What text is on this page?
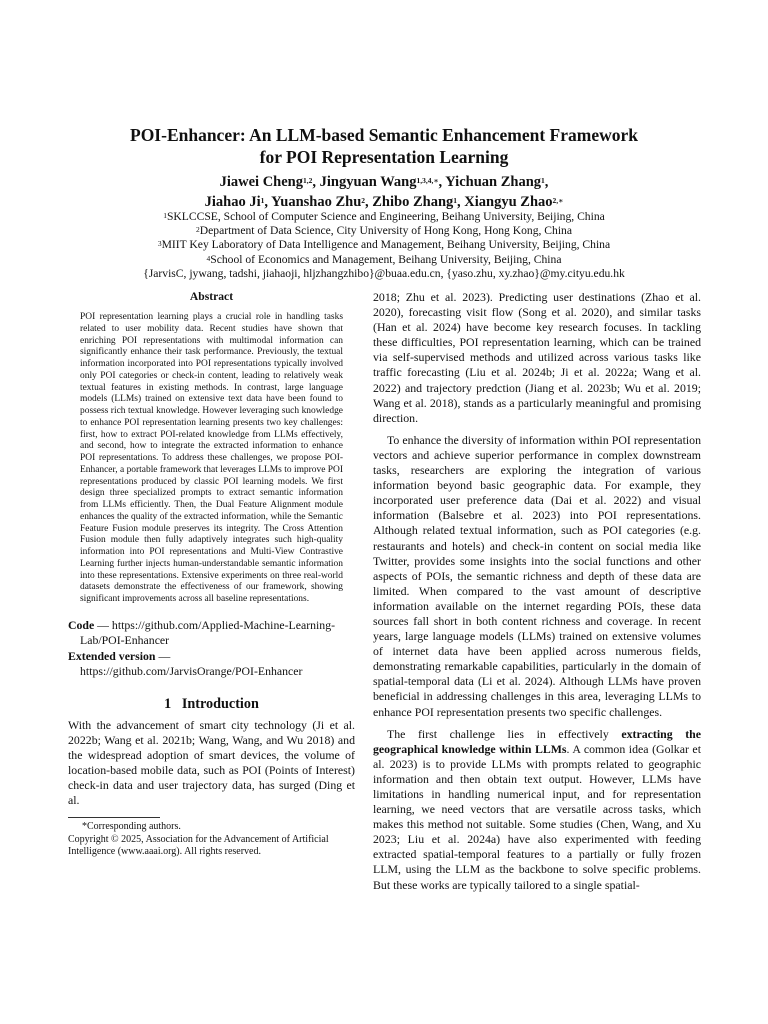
POI-Enhancer: An LLM-based Semantic Enhancement Framework
for POI Representation Learning
Jiawei Cheng$^{1,2}$, Jingyuan Wang$^{1,3,4,∗}$, Yichuan Zhang$^1$,
Jiahao Ji$^1$, Yuanshao Zhu$^2$, Zhibo Zhang$^1$, Xiangyu Zhao$^{2,∗}$
$^1$SKLCCSE, School of Computer Science and Engineering, Beihang University, Beijing, China
$^2$Department of Data Science, City University of Hong Kong, Hong Kong, China
$^3$MIIT Key Laboratory of Data Intelligence and Management, Beihang University, Beijing, China
$^4$School of Economics and Management, Beihang University, Beijing, China
{JarvisC, jywang, tadshi, jiahaoji, hljzhangzhibo}@buaa.edu.cn, {yaso.zhu, xy.zhao}@my.cityu.edu.hk
Abstract

POI representation learning plays a crucial role in handling tasks related to user mobility data. Recent studies have shown that enriching POI representations with multimodal information can significantly enhance their task performance. Previously, the textual information incorporated into POI representations typically involved only POI categories or check-in content, leading to relatively weak textual features in existing methods. In contrast, large language models (LLMs) trained on extensive text data have been found to possess rich textual knowledge. However leveraging such knowledge to enhance POI representation learning presents two key challenges: first, how to extract POI-related knowledge from LLMs effectively, and second, how to integrate the extracted information to enhance POI representations. To address these challenges, we propose POI-Enhancer, a portable framework that leverages LLMs to improve POI representations produced by classic POI learning models. We first design three specialized prompts to extract semantic information from LLMs efficiently. Then, the Dual Feature Alignment module enhances the quality of the extracted information, while the Semantic Feature Fusion module preserves its integrity. The Cross Attention Fusion module then fully adaptively integrates such high-quality information into POI representations and Multi-View Contrastive Learning further injects human-understandable semantic information into these representations. Extensive experiments on three real-world datasets demonstrate the effectiveness of our framework, showing significant improvements across all baseline representations.

Code — https://github.com/Applied-Machine-Learning-
Lab/POI-Enhancer
Extended version —
https://github.com/JarvisOrange/POI-Enhancer
1 Introduction

With the advancement of smart city technology (Ji et al. 2022b; Wang et al. 2021b; Wang, Wang, and Wu 2018) and the widespread adoption of smart devices, the volume of location-based mobile data, such as POI (Points of Interest) check-in data and user trajectory data, has surged (Ding et al.

*Corresponding authors.
Copyright © 2025, Association for the Advancement of Artificial Intelligence (www.aaai.org). All rights reserved.

2018; Zhu et al. 2023). Predicting user destinations (Zhao et al. 2020), forecasting visit flow (Song et al. 2020), and similar tasks (Han et al. 2024) have become key research focuses. In tackling these difficulties, POI representation learning, which can be trained via self-supervised methods and utilized across various tasks like traffic forecasting (Liu et al. 2024b; Ji et al. 2022a; Wang et al. 2022) and trajectory predction (Jiang et al. 2023b; Wu et al. 2019; Wang et al. 2018), stands as a particularly meaningful and promising direction.

To enhance the diversity of information within POI representation vectors and achieve superior performance in complex downstream tasks, researchers are exploring the integration of various information beyond basic geographic data. For example, they incorporated user preference data (Dai et al. 2022) and visual information (Balsebre et al. 2023) into POI representations. Although related textual information, such as POI categories (e.g. restaurants and hotels) and check-in content on social media like Twitter, provides some insights into the social functions and other aspects of POIs, the semantic richness and depth of these data are limited. When compared to the vast amount of descriptive information available on the internet regarding POIs, these data sources fall short in both content richness and coverage. In recent years, large language models (LLMs) trained on extensive volumes of internet data have been applied across numerous fields, demonstrating remarkable capabilities, particularly in the domain of spatial-temporal data (Li et al. 2024). Although LLMs have proven beneficial in addressing challenges in this area, leveraging LLMs to enhance POI representation presents two specific challenges.

The first challenge lies in effectively extracting the geographical knowledge within LLMs. A common idea (Golkar et al. 2023) is to provide LLMs with prompts related to geographic information and then obtain text output. However, LLMs have limitations in handling numerical input, and for representation learning, we need vectors that are versatile across tasks, which makes this method not suitable. Some studies (Chen, Wang, and Xu 2023; Liu et al. 2024a) have also experimented with feeding extracted spatial-temporal features to a partially or fully frozen LLM, using the LLM as the backbone to solve specific problems. But these works are typically tailored to a single spatial-
